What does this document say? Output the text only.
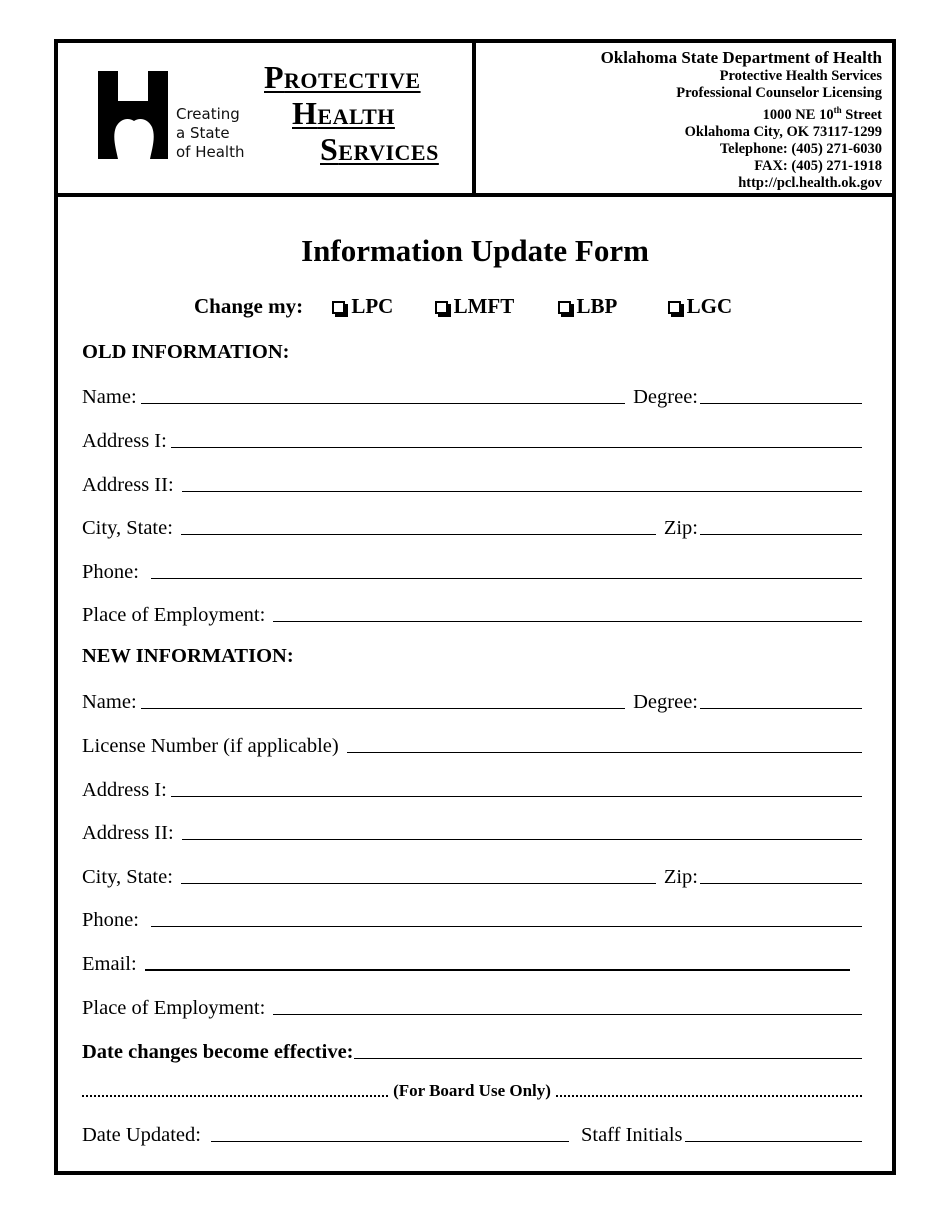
Creating
a State
of Health
PROTECTIVE
HEALTH
SERVICES
Oklahoma State Department of Health
Protective Health Services
Professional Counselor Licensing
1000 NE 10th Street
Oklahoma City, OK 73117-1299
Telephone: (405) 271-6030
FAX: (405) 271-1918
http://pcl.health.ok.gov
Information Update Form
Change my: LPC	LMFT	LBP	LGC
OLD INFORMATION:
Name:	Degree:
Address I:
Address II:
City, State:	Zip:
Phone:
Place of Employment:
NEW INFORMATION:
Name:	Degree:
License Number (if applicable)
Address I:
Address II:
City, State:	Zip:
Phone:
Email:
Place of Employment:
Date changes become effective:
(For Board Use Only)
Date Updated:	Staff Initials
